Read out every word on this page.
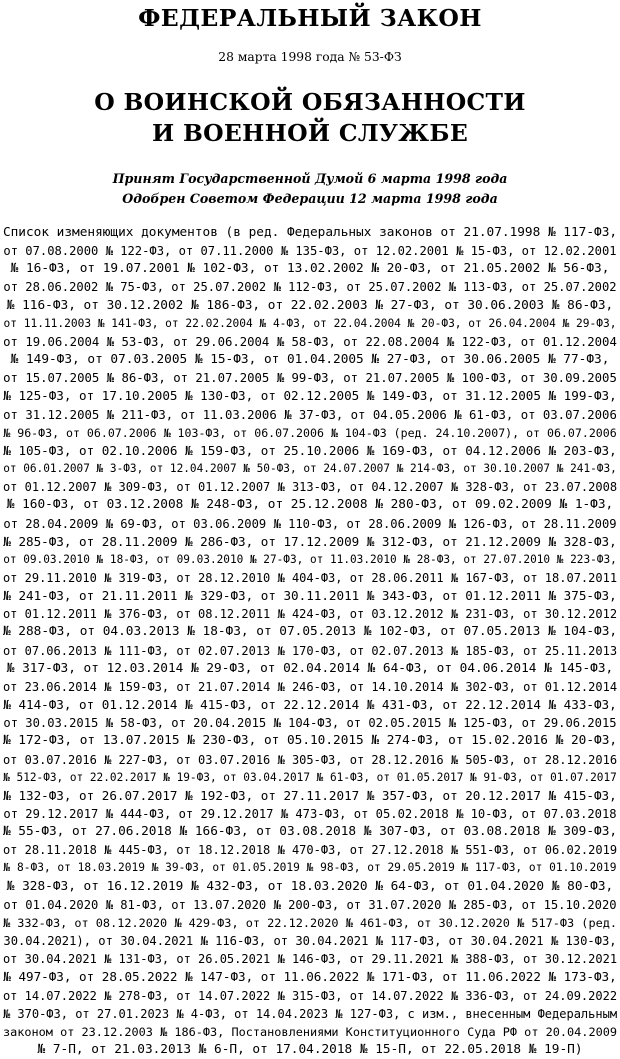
ФЕДЕРАЛЬНЫЙ ЗАКОН
28 марта 1998 года № 53-ФЗ
О ВОИНСКОЙ ОБЯЗАННОСТИ
И ВОЕННОЙ СЛУЖБЕ
Принят Государственной Думой 6 марта 1998 года
Одобрен Советом Федерации 12 марта 1998 года
Список изменяющих документов (в ред. Федеральных законов от 21.07.1998 № 117-ФЗ,
от 07.08.2000 № 122-ФЗ, от 07.11.2000 № 135-ФЗ, от 12.02.2001 № 15-ФЗ, от 12.02.2001
№ 16-ФЗ, от 19.07.2001 № 102-ФЗ, от 13.02.2002 № 20-ФЗ, от 21.05.2002 № 56-ФЗ,
от 28.06.2002 № 75-ФЗ, от 25.07.2002 № 112-ФЗ, от 25.07.2002 № 113-ФЗ, от 25.07.2002
№ 116-ФЗ, от 30.12.2002 № 186-ФЗ, от 22.02.2003 № 27-ФЗ, от 30.06.2003 № 86-ФЗ,
от 11.11.2003 № 141-ФЗ, от 22.02.2004 № 4-ФЗ, от 22.04.2004 № 20-ФЗ, от 26.04.2004 № 29-ФЗ,
от 19.06.2004 № 53-ФЗ, от 29.06.2004 № 58-ФЗ, от 22.08.2004 № 122-ФЗ, от 01.12.2004
№ 149-ФЗ, от 07.03.2005 № 15-ФЗ, от 01.04.2005 № 27-ФЗ, от 30.06.2005 № 77-ФЗ,
от 15.07.2005 № 86-ФЗ, от 21.07.2005 № 99-ФЗ, от 21.07.2005 № 100-ФЗ, от 30.09.2005
№ 125-ФЗ, от 17.10.2005 № 130-ФЗ, от 02.12.2005 № 149-ФЗ, от 31.12.2005 № 199-ФЗ,
от 31.12.2005 № 211-ФЗ, от 11.03.2006 № 37-ФЗ, от 04.05.2006 № 61-ФЗ, от 03.07.2006
№ 96-ФЗ, от 06.07.2006 № 103-ФЗ, от 06.07.2006 № 104-ФЗ (ред. 24.10.2007), от 06.07.2006
№ 105-ФЗ, от 02.10.2006 № 159-ФЗ, от 25.10.2006 № 169-ФЗ, от 04.12.2006 № 203-ФЗ,
от 06.01.2007 № 3-ФЗ, от 12.04.2007 № 50-ФЗ, от 24.07.2007 № 214-ФЗ, от 30.10.2007 № 241-ФЗ,
от 01.12.2007 № 309-ФЗ, от 01.12.2007 № 313-ФЗ, от 04.12.2007 № 328-ФЗ, от 23.07.2008
№ 160-ФЗ, от 03.12.2008 № 248-ФЗ, от 25.12.2008 № 280-ФЗ, от 09.02.2009 № 1-ФЗ,
от 28.04.2009 № 69-ФЗ, от 03.06.2009 № 110-ФЗ, от 28.06.2009 № 126-ФЗ, от 28.11.2009
№ 285-ФЗ, от 28.11.2009 № 286-ФЗ, от 17.12.2009 № 312-ФЗ, от 21.12.2009 № 328-ФЗ,
от 09.03.2010 № 18-ФЗ, от 09.03.2010 № 27-ФЗ, от 11.03.2010 № 28-ФЗ, от 27.07.2010 № 223-ФЗ,
от 29.11.2010 № 319-ФЗ, от 28.12.2010 № 404-ФЗ, от 28.06.2011 № 167-ФЗ, от 18.07.2011
№ 241-ФЗ, от 21.11.2011 № 329-ФЗ, от 30.11.2011 № 343-ФЗ, от 01.12.2011 № 375-ФЗ,
от 01.12.2011 № 376-ФЗ, от 08.12.2011 № 424-ФЗ, от 03.12.2012 № 231-ФЗ, от 30.12.2012
№ 288-ФЗ, от 04.03.2013 № 18-ФЗ, от 07.05.2013 № 102-ФЗ, от 07.05.2013 № 104-ФЗ,
от 07.06.2013 № 111-ФЗ, от 02.07.2013 № 170-ФЗ, от 02.07.2013 № 185-ФЗ, от 25.11.2013
№ 317-ФЗ, от 12.03.2014 № 29-ФЗ, от 02.04.2014 № 64-ФЗ, от 04.06.2014 № 145-ФЗ,
от 23.06.2014 № 159-ФЗ, от 21.07.2014 № 246-ФЗ, от 14.10.2014 № 302-ФЗ, от 01.12.2014
№ 414-ФЗ, от 01.12.2014 № 415-ФЗ, от 22.12.2014 № 431-ФЗ, от 22.12.2014 № 433-ФЗ,
от 30.03.2015 № 58-ФЗ, от 20.04.2015 № 104-ФЗ, от 02.05.2015 № 125-ФЗ, от 29.06.2015
№ 172-ФЗ, от 13.07.2015 № 230-ФЗ, от 05.10.2015 № 274-ФЗ, от 15.02.2016 № 20-ФЗ,
от 03.07.2016 № 227-ФЗ, от 03.07.2016 № 305-ФЗ, от 28.12.2016 № 505-ФЗ, от 28.12.2016
№ 512-ФЗ, от 22.02.2017 № 19-ФЗ, от 03.04.2017 № 61-ФЗ, от 01.05.2017 № 91-ФЗ, от 01.07.2017
№ 132-ФЗ, от 26.07.2017 № 192-ФЗ, от 27.11.2017 № 357-ФЗ, от 20.12.2017 № 415-ФЗ,
от 29.12.2017 № 444-ФЗ, от 29.12.2017 № 473-ФЗ, от 05.02.2018 № 10-ФЗ, от 07.03.2018
№ 55-ФЗ, от 27.06.2018 № 166-ФЗ, от 03.08.2018 № 307-ФЗ, от 03.08.2018 № 309-ФЗ,
от 28.11.2018 № 445-ФЗ, от 18.12.2018 № 470-ФЗ, от 27.12.2018 № 551-ФЗ, от 06.02.2019
№ 8-ФЗ, от 18.03.2019 № 39-ФЗ, от 01.05.2019 № 98-ФЗ, от 29.05.2019 № 117-ФЗ, от 01.10.2019
№ 328-ФЗ, от 16.12.2019 № 432-ФЗ, от 18.03.2020 № 64-ФЗ, от 01.04.2020 № 80-ФЗ,
от 01.04.2020 № 81-ФЗ, от 13.07.2020 № 200-ФЗ, от 31.07.2020 № 285-ФЗ, от 15.10.2020
№ 332-ФЗ, от 08.12.2020 № 429-ФЗ, от 22.12.2020 № 461-ФЗ, от 30.12.2020 № 517-ФЗ (ред.
30.04.2021), от 30.04.2021 № 116-ФЗ, от 30.04.2021 № 117-ФЗ, от 30.04.2021 № 130-ФЗ,
от 30.04.2021 № 131-ФЗ, от 26.05.2021 № 146-ФЗ, от 29.11.2021 № 388-ФЗ, от 30.12.2021
№ 497-ФЗ, от 28.05.2022 № 147-ФЗ, от 11.06.2022 № 171-ФЗ, от 11.06.2022 № 173-ФЗ,
от 14.07.2022 № 278-ФЗ, от 14.07.2022 № 315-ФЗ, от 14.07.2022 № 336-ФЗ, от 24.09.2022
№ 370-ФЗ, от 27.01.2023 № 4-ФЗ, от 14.04.2023 № 127-ФЗ, с изм., внесенным Федеральным
законом от 23.12.2003 № 186-ФЗ, Постановлениями Конституционного Суда РФ от 20.04.2009
№ 7-П, от 21.03.2013 № 6-П, от 17.04.2018 № 15-П, от 22.05.2018 № 19-П)
